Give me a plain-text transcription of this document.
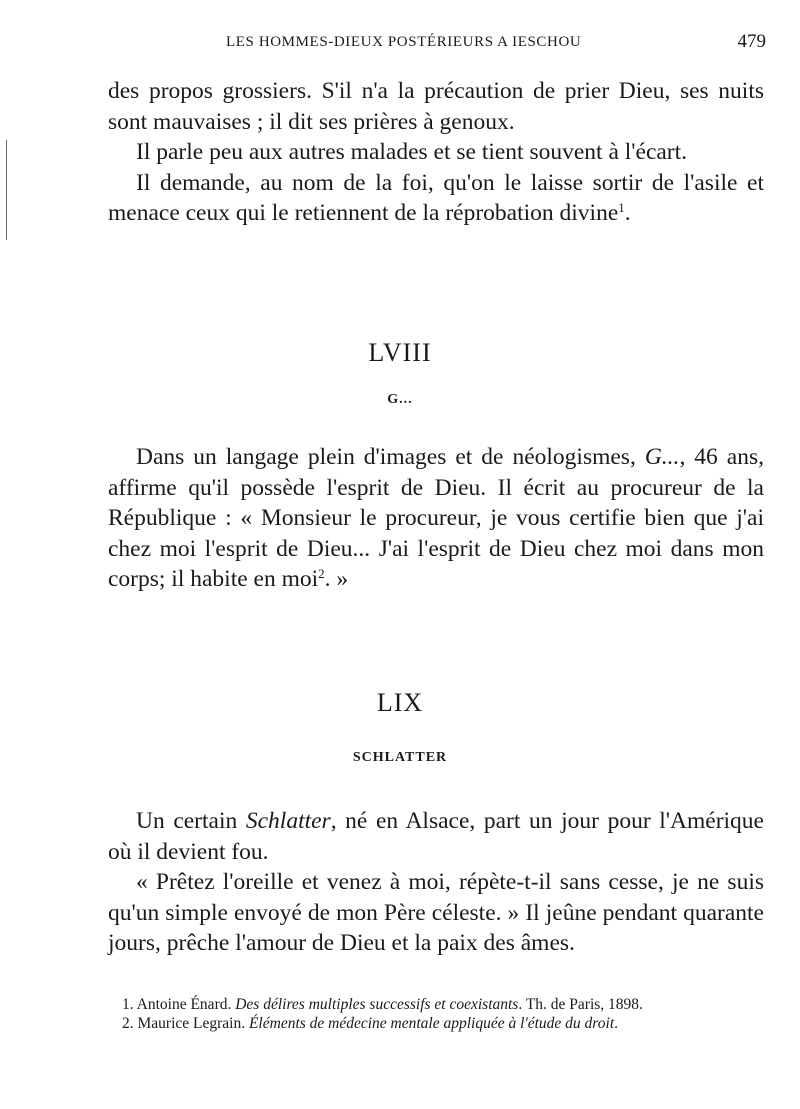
LES HOMMES-DIEUX POSTÉRIEURS A IESCHOU	479

des propos grossiers. S'il n'a la précaution de prier Dieu, ses nuits sont mauvaises ; il dit ses prières à genoux.

Il parle peu aux autres malades et se tient souvent à l'écart.

Il demande, au nom de la foi, qu'on le laisse sortir de l'asile et menace ceux qui le retiennent de la réprobation divine$^1$.

LVIII
G...

Dans un langage plein d'images et de néologismes, G..., 46 ans, affirme qu'il possède l'esprit de Dieu. Il écrit au procureur de la République : « Monsieur le procureur, je vous certifie bien que j'ai chez moi l'esprit de Dieu... J'ai l'esprit de Dieu chez moi dans mon corps; il habite en moi$^2$. »

LIX
SCHLATTER

Un certain Schlatter, né en Alsace, part un jour pour l'Amérique où il devient fou.

« Prêtez l'oreille et venez à moi, répète-t-il sans cesse, je ne suis qu'un simple envoyé de mon Père céleste. » Il jeûne pendant quarante jours, prêche l'amour de Dieu et la paix des âmes.

1. Antoine Énard. Des délires multiples successifs et coexistants. Th. de Paris, 1898.

2. Maurice Legrain. Éléments de médecine mentale appliquée à l'étude du droit.
